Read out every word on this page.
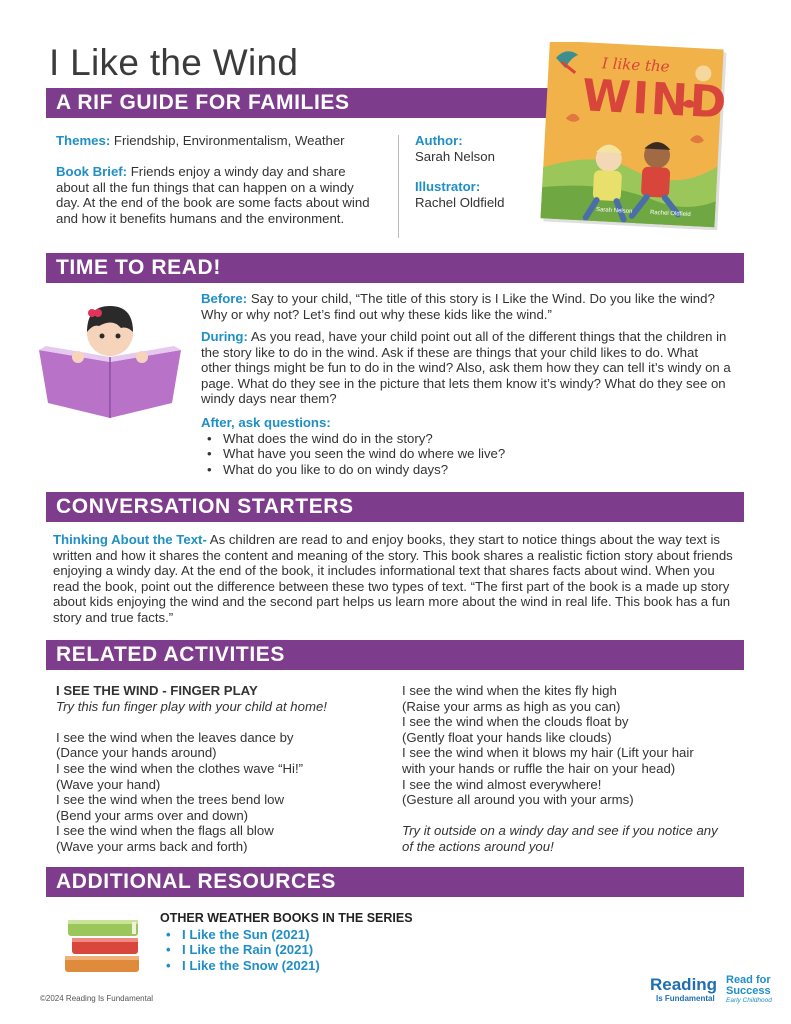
I Like the Wind
A RIF GUIDE FOR FAMILIES
Themes: Friendship, Environmentalism, Weather
Book Brief: Friends enjoy a windy day and share about all the fun things that can happen on a windy day. At the end of the book are some facts about wind and how it benefits humans and the environment.
Author:
Sarah Nelson
Illustrator:
Rachel Oldfield
I like the
WIND
Sarah Nelson	Rachel Oldfield
TIME TO READ!
Before: Say to your child, “The title of this story is I Like the Wind. Do you like the wind? Why or why not? Let’s find out why these kids like the wind.”
During: As you read, have your child point out all of the different things that the children in the story like to do in the wind. Ask if these are things that your child likes to do. What other things might be fun to do in the wind? Also, ask them how they can tell it’s windy on a page. What do they see in the picture that lets them know it’s windy? What do they see on windy days near them?
After, ask questions:
• What does the wind do in the story?
• What have you seen the wind do where we live?
• What do you like to do on windy days?
CONVERSATION STARTERS
Thinking About the Text- As children are read to and enjoy books, they start to notice things about the way text is written and how it shares the content and meaning of the story. This book shares a realistic fiction story about friends enjoying a windy day. At the end of the book, it includes informational text that shares facts about wind. When you read the book, point out the difference between these two types of text. “The first part of the book is a made up story about kids enjoying the wind and the second part helps us learn more about the wind in real life. This book has a fun story and true facts.”
RELATED ACTIVITIES
I SEE THE WIND - FINGER PLAY
Try this fun finger play with your child at home!
I see the wind when the leaves dance by
(Dance your hands around)
I see the wind when the clothes wave “Hi!”
(Wave your hand)
I see the wind when the trees bend low
(Bend your arms over and down)
I see the wind when the flags all blow
(Wave your arms back and forth)
I see the wind when the kites fly high
(Raise your arms as high as you can)
I see the wind when the clouds float by
(Gently float your hands like clouds)
I see the wind when it blows my hair (Lift your hair
with your hands or ruffle the hair on your head)
I see the wind almost everywhere!
(Gesture all around you with your arms)
Try it outside on a windy day and see if you notice any of the actions around you!
ADDITIONAL RESOURCES
OTHER WEATHER BOOKS IN THE SERIES
• I Like the Sun (2021)
• I Like the Rain (2021)
• I Like the Snow (2021)
©2024 Reading Is Fundamental
Reading
Is Fundamental
Read for
Success
Early Childhood
